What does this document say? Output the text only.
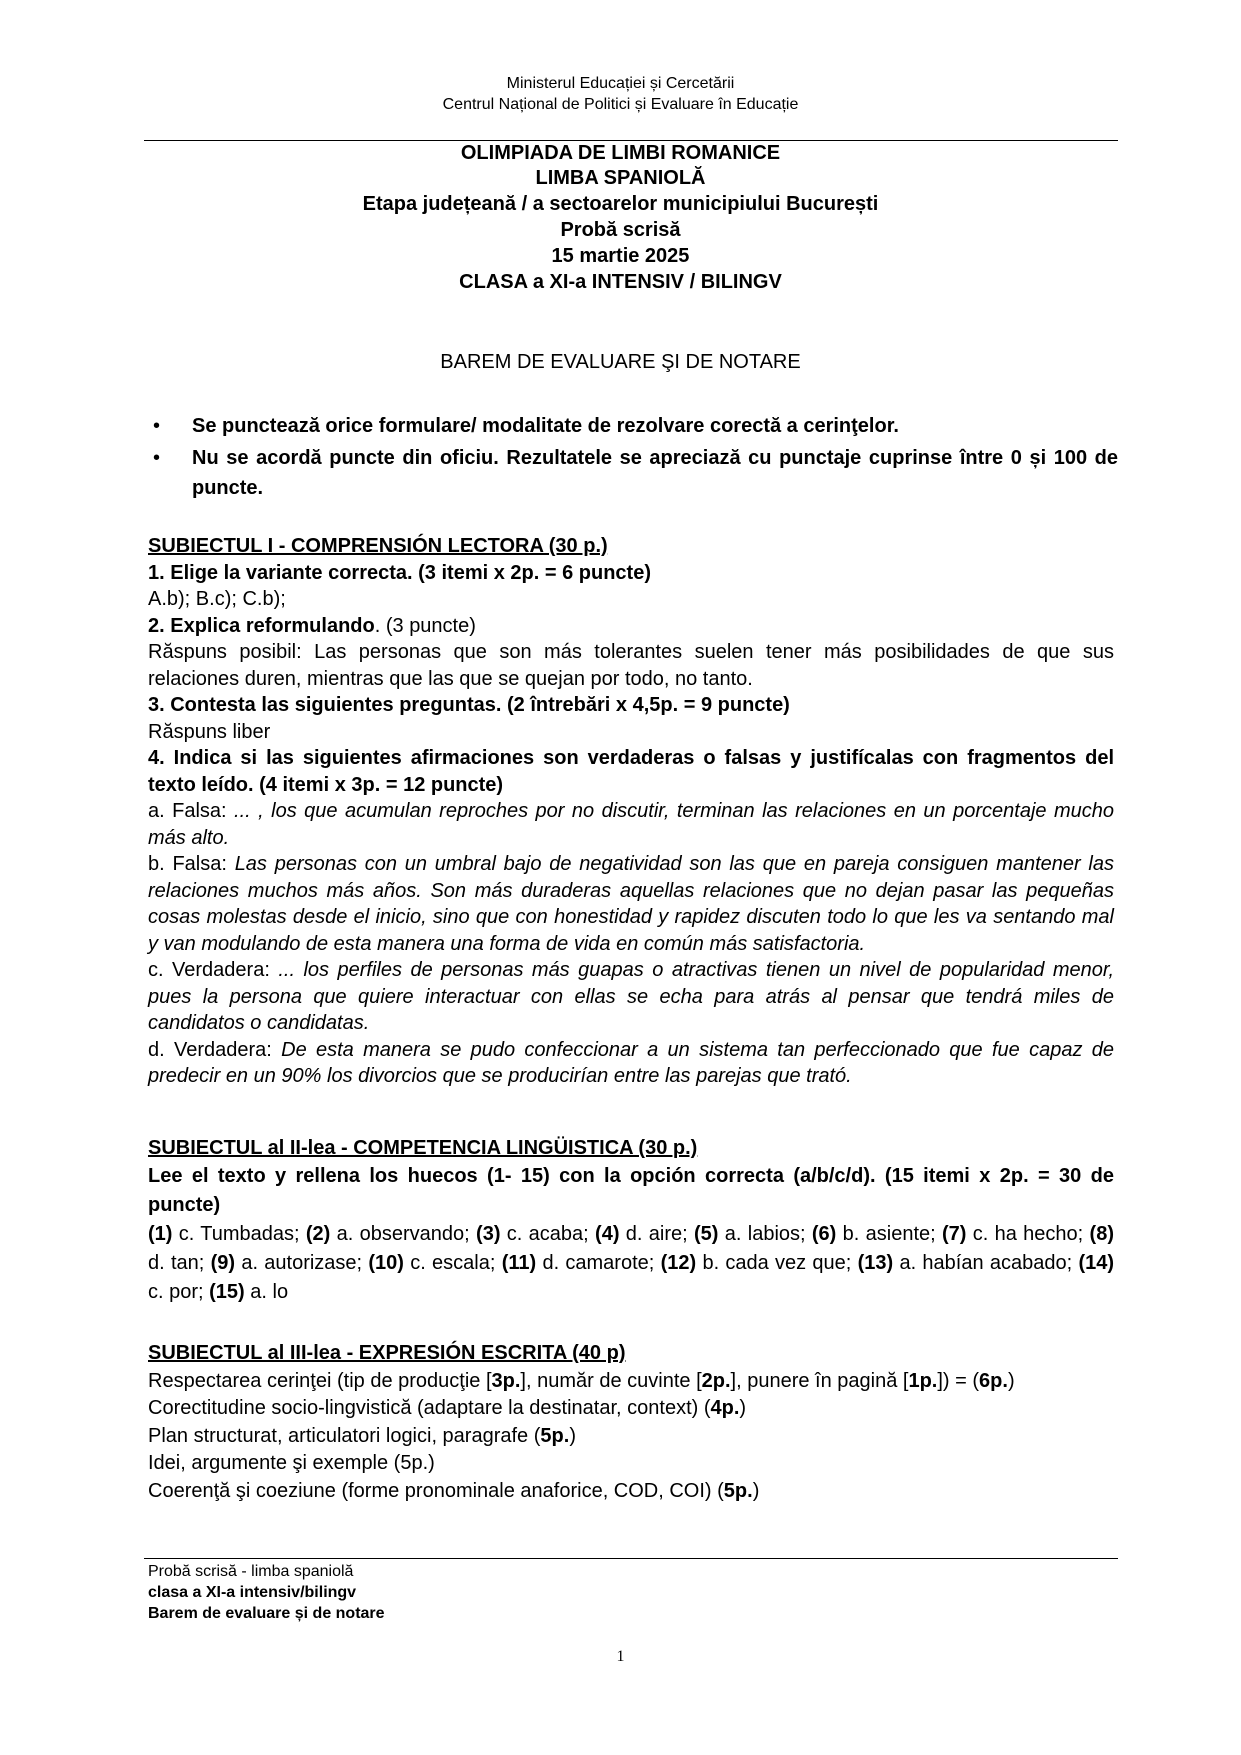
Ministerul Educației și Cercetării
Centrul Național de Politici și Evaluare în Educație
OLIMPIADA DE LIMBI ROMANICE
LIMBA SPANIOLĂ
Etapa județeană / a sectoarelor municipiului București
Probă scrisă
15 martie 2025
CLASA a XI-a INTENSIV / BILINGV
BAREM DE EVALUARE ŞI DE NOTARE
• Se punctează orice formulare/ modalitate de rezolvare corectă a cerinţelor.
• Nu se acordă puncte din oficiu. Rezultatele se apreciază cu punctaje cuprinse între 0 și 100 de puncte.
SUBIECTUL I - COMPRENSIÓN LECTORA (30 p.)
1. Elige la variante correcta. (3 itemi x 2p. = 6 puncte)
A.b); B.c); C.b);
2. Explica reformulando. (3 puncte)
Răspuns posibil: Las personas que son más tolerantes suelen tener más posibilidades de que sus relaciones duren, mientras que las que se quejan por todo, no tanto.
3. Contesta las siguientes preguntas. (2 întrebări x 4,5p. = 9 puncte)
Răspuns liber
4. Indica si las siguientes afirmaciones son verdaderas o falsas y justifícalas con fragmentos del texto leído. (4 itemi x 3p. = 12 puncte)
a. Falsa: ... , los que acumulan reproches por no discutir, terminan las relaciones en un porcentaje mucho más alto.
b. Falsa: Las personas con un umbral bajo de negatividad son las que en pareja consiguen mantener las relaciones muchos más años. Son más duraderas aquellas relaciones que no dejan pasar las pequeñas cosas molestas desde el inicio, sino que con honestidad y rapidez discuten todo lo que les va sentando mal y van modulando de esta manera una forma de vida en común más satisfactoria.
c. Verdadera: ... los perfiles de personas más guapas o atractivas tienen un nivel de popularidad menor, pues la persona que quiere interactuar con ellas se echa para atrás al pensar que tendrá miles de candidatos o candidatas.
d. Verdadera: De esta manera se pudo confeccionar a un sistema tan perfeccionado que fue capaz de predecir en un 90% los divorcios que se producirían entre las parejas que trató.
SUBIECTUL al II-lea - COMPETENCIA LINGÜISTICA (30 p.)
Lee el texto y rellena los huecos (1- 15) con la opción correcta (a/b/c/d). (15 itemi x 2p. = 30 de puncte)
(1) c. Tumbadas; (2) a. observando; (3) c. acaba; (4) d. aire; (5) a. labios; (6) b. asiente; (7) c. ha hecho; (8) d. tan; (9) a. autorizase; (10) c. escala; (11) d. camarote; (12) b. cada vez que; (13) a. habían acabado; (14) c. por; (15) a. lo
SUBIECTUL al III-lea - EXPRESIÓN ESCRITA (40 p)
Respectarea cerinţei (tip de producţie [3p.], număr de cuvinte [2p.], punere în pagină [1p.]) = (6p.)
Corectitudine socio-lingvistică (adaptare la destinatar, context) (4p.)
Plan structurat, articulatori logici, paragrafe (5p.)
Idei, argumente şi exemple (5p.)
Coerenţă şi coeziune (forme pronominale anaforice, COD, COI) (5p.)
Probă scrisă - limba spaniolă
clasa a XI-a intensiv/bilingv
Barem de evaluare și de notare
1
